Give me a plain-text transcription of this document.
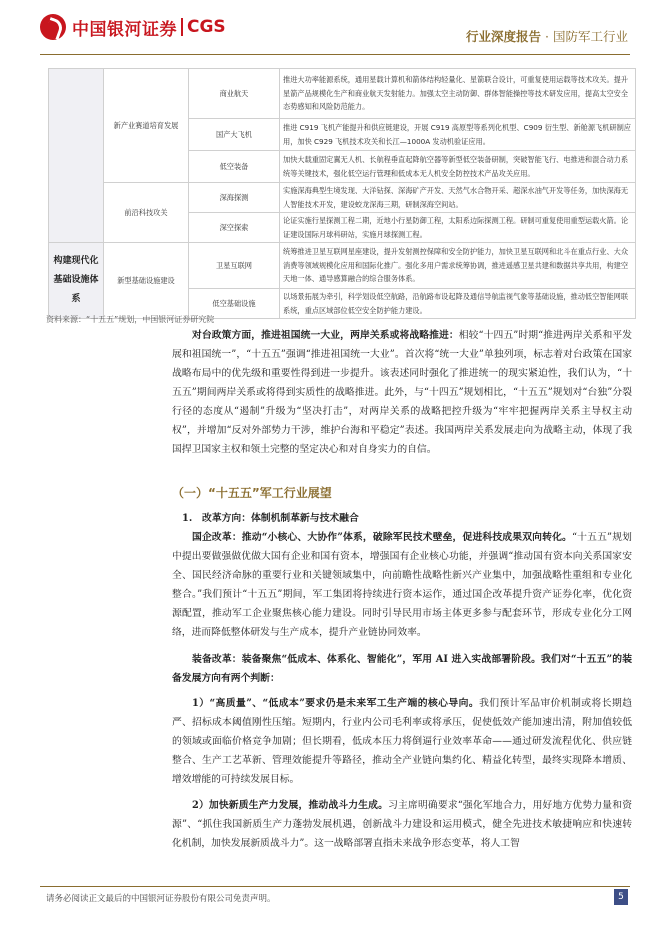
中国银河证券 CGS	行业深度报告 · 国防军工行业
	新产业赛道培育发展	商业航天	推进大功率能源系统，通用星载计算机和箭体结构轻量化、星箭联合设计，可重复使用运载等技术攻关。提升星箭产品规模化生产和商业航天发射能力。加强太空主动防御、群体智能操控等技术研发应用，提高太空安全态势感知和风险防范能力。
		国产大飞机	推进 C919 飞机产能提升和供应链建设，开展 C919 高原型等系列化机型、C909 衍生型、新舱源飞机研制应用，加快 C929 飞机技术攻关和长江—1000A 发动机验证应用。
		低空装备	加快大载重固定翼无人机、长航程垂直起降航空器等新型低空装备研制，突破智能飞行、电推进和混合动力系统等关键技术，强化低空运行管理和低成本无人机安全防控技术产品攻关应用。
	前沿科技攻关	深海探测	实施深海典型生境发现、大洋钻探、深海矿产开发、天然气水合物开采、超深水油气开发等任务，加快深海无人智能技术开发，建设蛟龙深海三期，研制深海空间站。
		深空探索	论证实施行星探测工程二期，近地小行星防御工程，太阳系边际探测工程。研制可重复使用重型运载火箭。论证建设国际月球科研站，实施月球探测工程。
构建现代化基础设施体系	新型基础设施建设	卫星互联网	统筹推进卫星互联网星座建设，提升发射测控保障和安全防护能力，加快卫星互联网和北斗在重点行业、大众消费等领域规模化应用和国际化推广。强化多用户需求统筹协调，推进遥感卫星共建和数据共享共用，构建空天地一体、通导感算融合的综合服务体系。
		低空基础设施	以场景拓展为牵引，科学划设低空航路，沿航路布设起降及通信导航监视气象等基础设施，推动低空智能网联系统，重点区域部位低空安全防护能力建设。
资料来源：“十五五”规划，中国银河证券研究院
对台政策方面，推进祖国统一大业，两岸关系或将战略推进：相较“十四五”时期“推进两岸关系和平发展和祖国统一”，“十五五”强调“推进祖国统一大业”。首次将“统一大业”单独列项，标志着对台政策在国家战略布局中的优先级和重要性得到进一步提升。该表述同时强化了推进统一的现实紧迫性，我们认为，“十五五”期间两岸关系或将得到实质性的战略推进。此外，与“十四五”规划相比，“十五五”规划对“台独”分裂行径的态度从“遏制”升级为“坚决打击”，对两岸关系的战略把控升级为“牢牢把握两岸关系主导权主动权”，并增加“反对外部势力干涉，维护台海和平稳定”表述。我国两岸关系发展走向为战略主动，体现了我国捍卫国家主权和领土完整的坚定决心和对自身实力的自信。
（一）“十五五”军工行业展望
1.　改革方向：体制机制革新与技术融合
国企改革：推动“小核心、大协作”体系，破除军民技术壁垒，促进科技成果双向转化。“十五五”规划中提出要做强做优做大国有企业和国有资本，增强国有企业核心功能，并强调“推动国有资本向关系国家安全、国民经济命脉的重要行业和关键领域集中，向前瞻性战略性新兴产业集中，加强战略性重组和专业化整合。”我们预计“十五五”期间，军工集团将持续进行资本运作，通过国企改革提升资产证券化率，优化资源配置，推动军工企业聚焦核心能力建设。同时引导民用市场主体更多参与配套环节，形成专业化分工网络，进而降低整体研发与生产成本，提升产业链协同效率。
装备改革：装备聚焦“低成本、体系化、智能化”，军用 AI 进入实战部署阶段。我们对“十五五”的装备发展方向有两个判断：
1）“高质量”、“低成本”要求仍是未来军工生产端的核心导向。我们预计军品审价机制或将长期趋严、招标成本阈值刚性压缩。短期内，行业内公司毛利率或将承压，促使低效产能加速出清，附加值较低的领域或面临价格竞争加剧；但长期看，低成本压力将倒逼行业效率革命——通过研发流程优化、供应链整合、生产工艺革新、管理效能提升等路径，推动全产业链向集约化、精益化转型，最终实现降本增质、增效增能的可持续发展目标。
2）加快新质生产力发展，推动战斗力生成。习主席明确要求“强化军地合力，用好地方优势力量和资源”、“抓住我国新质生产力蓬勃发展机遇，创新战斗力建设和运用模式，健全先进技术敏捷响应和快速转化机制，加快发展新质战斗力”。这一战略部署直指未来战争形态变革，将人工智
请务必阅读正文最后的中国银河证券股份有限公司免责声明。	5
